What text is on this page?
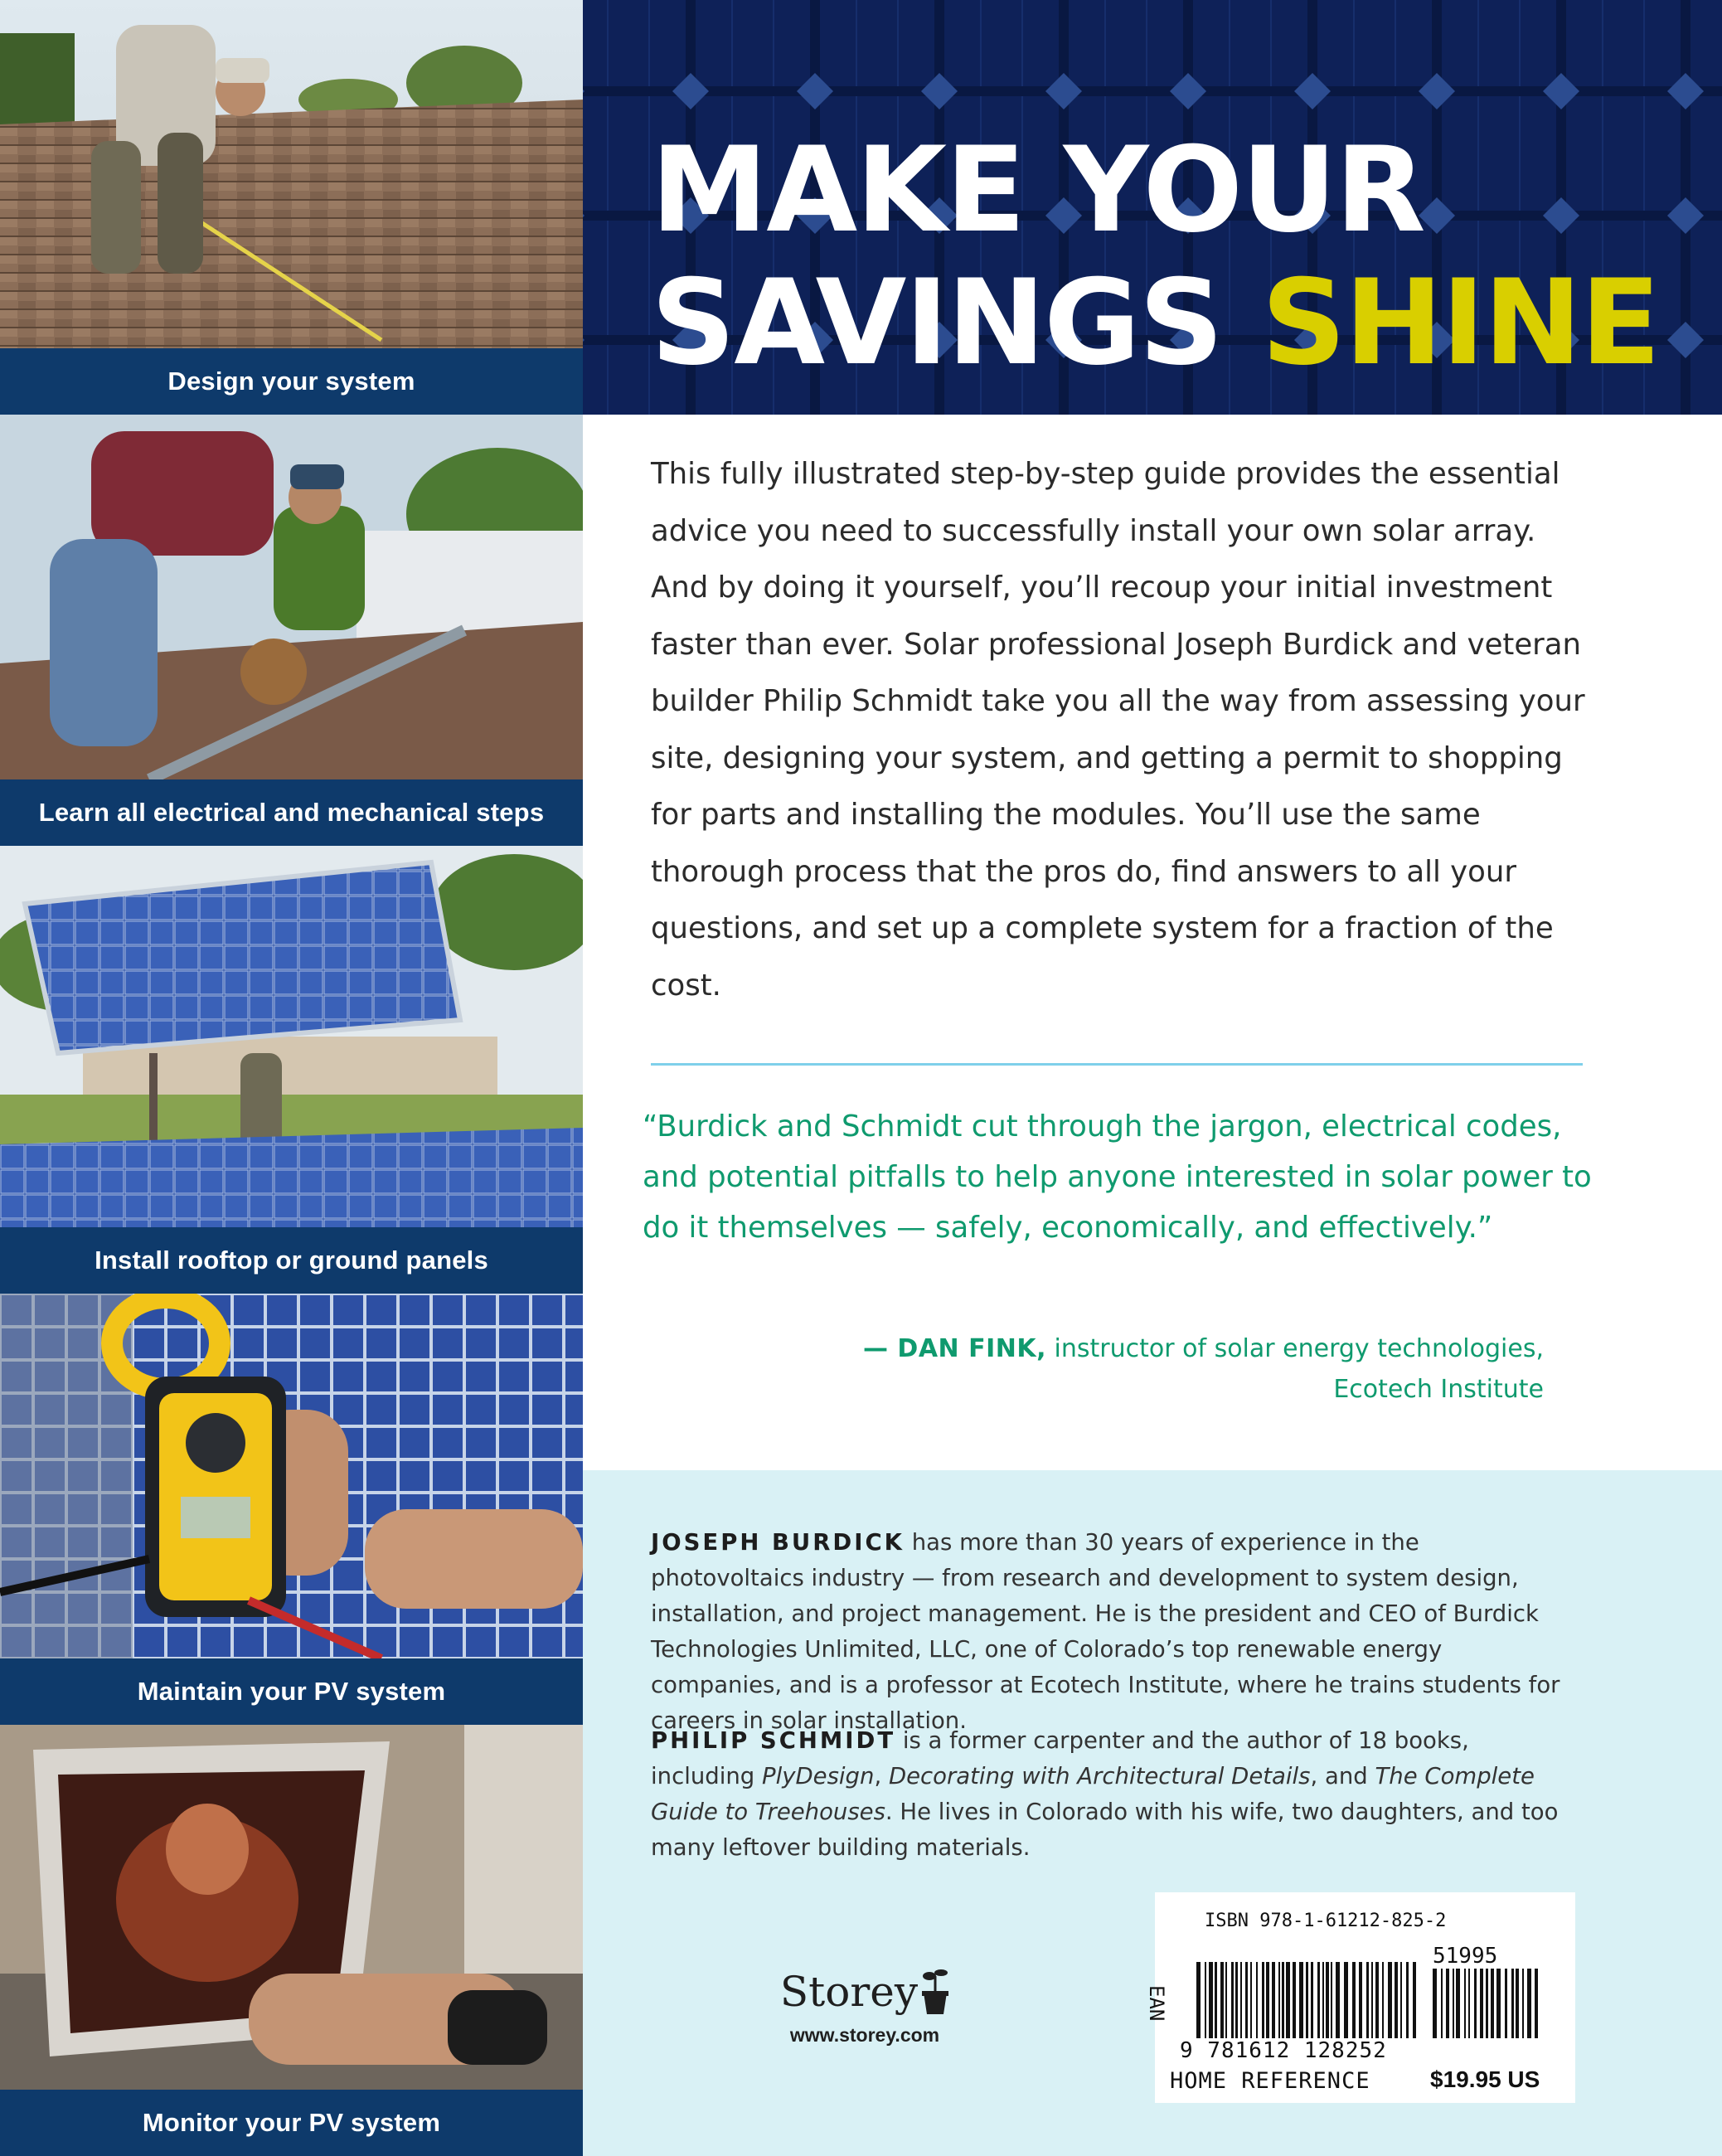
Design your system
Learn all electrical and mechanical steps
Install rooftop or ground panels
Maintain your PV system
Monitor your PV system
MAKE YOUR
SAVINGS SHINE

This fully illustrated step-by-step guide provides the essential advice you need to successfully install your own solar array. And by doing it yourself, you’ll recoup your initial investment faster than ever. Solar professional Joseph Burdick and veteran builder Philip Schmidt take you all the way from assessing your site, designing your system, and getting a permit to shopping for parts and installing the modules. You’ll use the same thorough process that the pros do, find answers to all your questions, and set up a complete system for a fraction of the cost.

“Burdick and Schmidt cut through the jargon, electrical codes, and potential pitfalls to help anyone interested in solar power to do it themselves — safely, economically, and effectively.”

— DAN FINK, instructor of solar energy technologies,
Ecotech Institute

JOSEPH BURDICK has more than 30 years of experience in the photovoltaics industry — from research and development to system design, installation, and project management. He is the president and CEO of Burdick Technologies Unlimited, LLC, one of Colorado’s top renewable energy companies, and is a professor at Ecotech Institute, where he trains students for careers in solar installation.

PHILIP SCHMIDT is a former carpenter and the author of 18 books, including PlyDesign, Decorating with Architectural Details, and The Complete Guide to Treehouses. He lives in Colorado with his wife, two daughters, and too many leftover building materials.

Storey
www.storey.com
ISBN 978-1-61212-825-2
EAN
51995
9 781612 128252
HOME REFERENCE	$19.95 US
